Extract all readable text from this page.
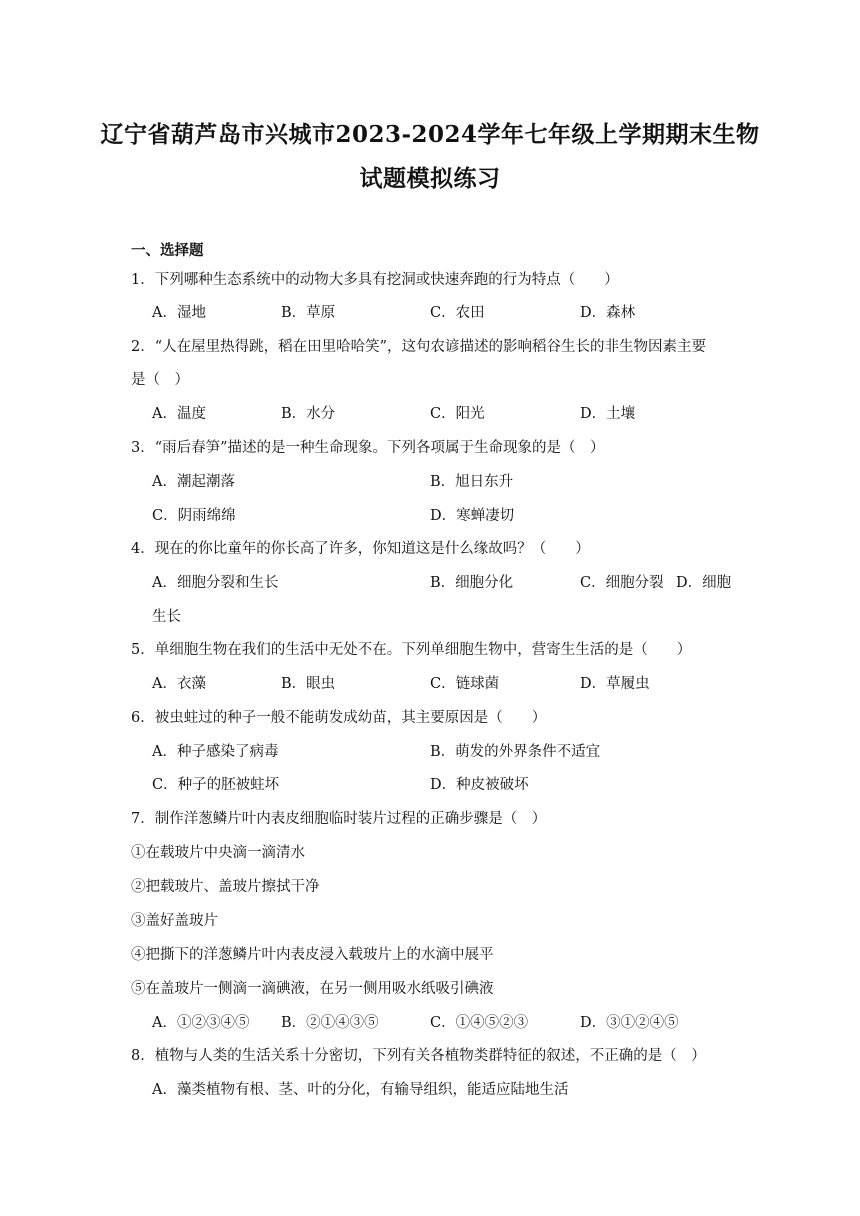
辽宁省葫芦岛市兴城市2023-2024学年七年级上学期期末生物
试题模拟练习
一、选择题
1．下列哪种生态系统中的动物大多具有挖洞或快速奔跑的行为特点（　　）
A．湿地	B．草原	C．农田	D．森林
2．“人在屋里热得跳，稻在田里哈哈笑”，这句农谚描述的影响稻谷生长的非生物因素主要
是（　）
A．温度	B．水分	C．阳光	D．土壤
3．“雨后春笋”描述的是一种生命现象。下列各项属于生命现象的是（　）
A．潮起潮落	B．旭日东升
C．阴雨绵绵	D．寒蝉凄切
4．现在的你比童年的你长高了许多，你知道这是什么缘故吗？（　　）
A．细胞分裂和生长	B．细胞分化	C．细胞分裂 D．细胞
生长
5．单细胞生物在我们的生活中无处不在。下列单细胞生物中，营寄生生活的是（　　）
A．衣藻	B．眼虫	C．链球菌	D．草履虫
6．被虫蛀过的种子一般不能萌发成幼苗，其主要原因是（　　）
A．种子感染了病毒	B．萌发的外界条件不适宜
C．种子的胚被蛀坏	D．种皮被破坏
7．制作洋葱鳞片叶内表皮细胞临时装片过程的正确步骤是（　）
①在载玻片中央滴一滴清水
②把载玻片、盖玻片擦拭干净
③盖好盖玻片
④把撕下的洋葱鳞片叶内表皮浸入载玻片上的水滴中展平
⑤在盖玻片一侧滴一滴碘液，在另一侧用吸水纸吸引碘液
A．①②③④⑤ B．②①④③⑤	C．①④⑤②③	D．③①②④⑤
8．植物与人类的生活关系十分密切，下列有关各植物类群特征的叙述，不正确的是（　）
A．藻类植物有根、茎、叶的分化，有输导组织，能适应陆地生活
